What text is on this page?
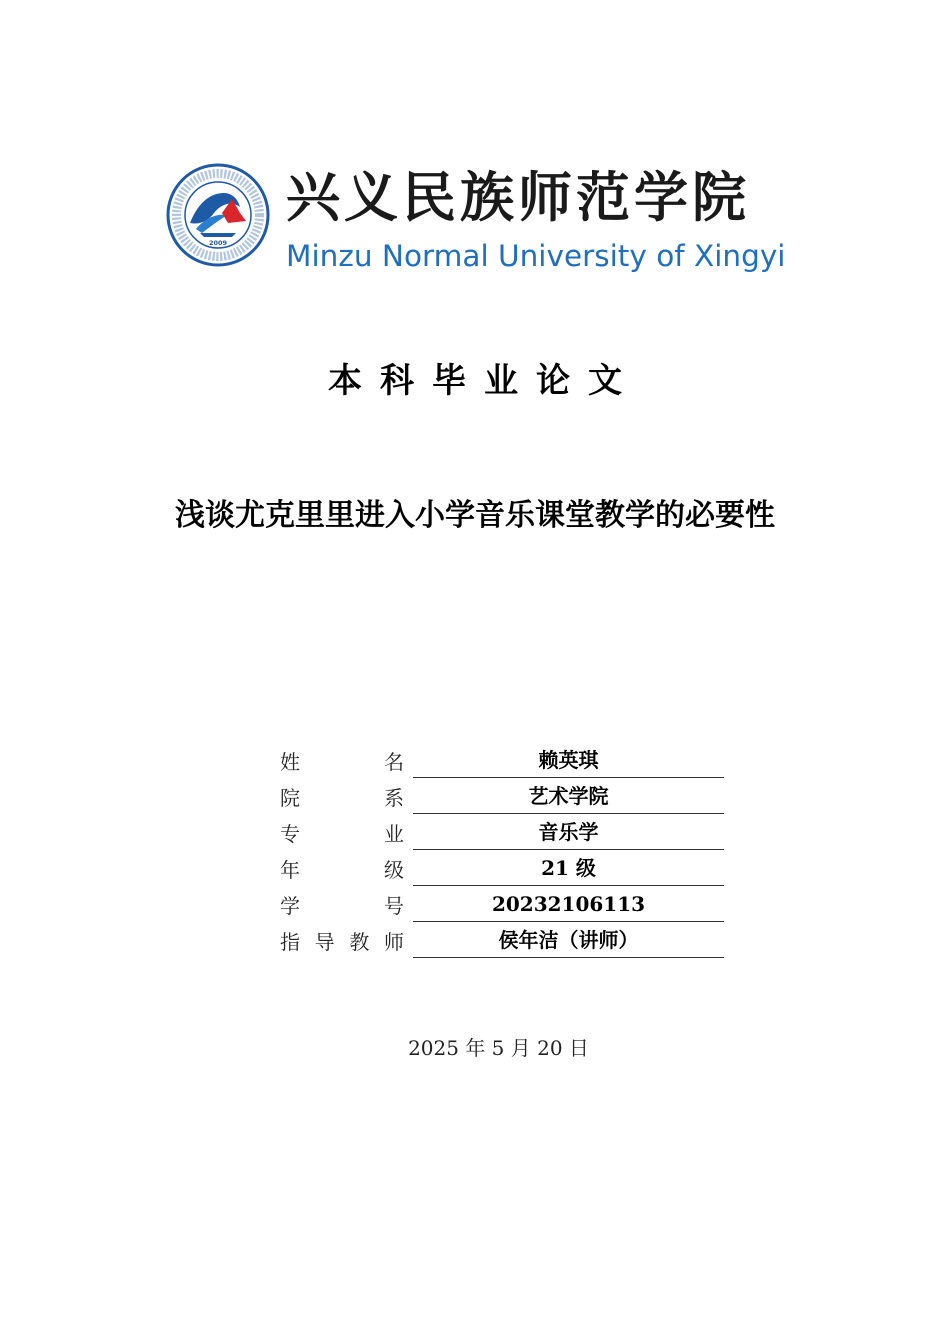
2009
兴义民族师范学院
Minzu Normal University of Xingyi
本科毕业论文
浅谈尤克里里进入小学音乐课堂教学的必要性
姓	名	赖英琪
院	系	艺术学院
专	业	音乐学
年	级	21 级
学	号	20232106113
指 导 教 师	侯年洁（讲师）
2025 年 5 月 20 日
